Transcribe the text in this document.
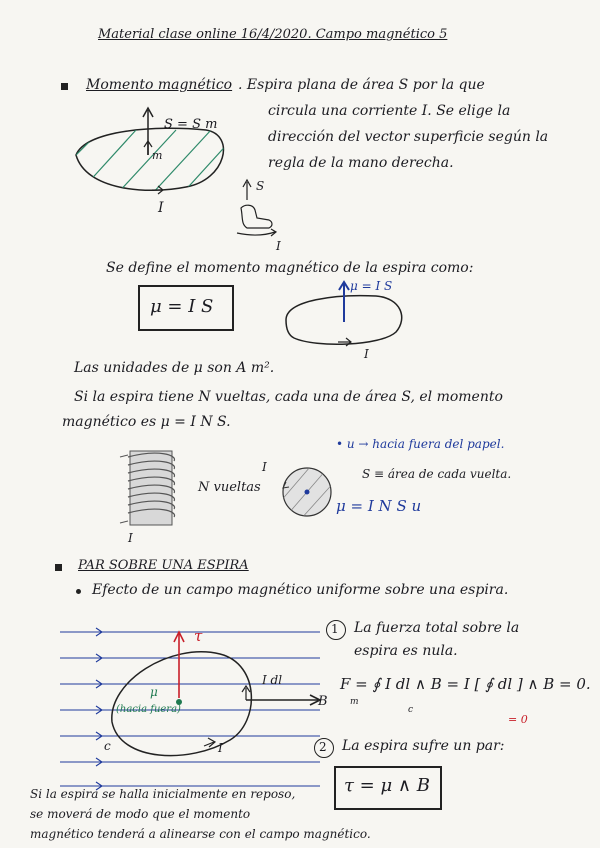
Material clase online 16/4/2020. Campo magnético 5
Momento magnético . Espira plana de área S por la que
circula una corriente I. Se elige la
dirección del vector superficie según la
regla de la mano derecha.
S = S m
m
I
S
I
Se define el momento magnético de la espira como:
μ = I S
μ = I S
I
Las unidades de μ son A m².
Si la espira tiene N vueltas, cada una de área S, el momento
magnético es μ = I N S.
N vueltas
I
I
• u → hacia fuera del papel.
S ≡ área de cada vuelta.
μ = I N S u
PAR SOBRE UNA ESPIRA
Efecto de un campo magnético uniforme sobre una espira.
τ
μ
(hacia fuera)
I dl
B
c	I
1 La fuerza total sobre la
espira es nula.
F = ∮ I dl ∧ B = I [ ∮ dl ] ∧ B = 0.
m
c
= 0
2 La espira sufre un par:
τ = μ ∧ B
Si la espira se halla inicialmente en reposo,
se moverá de modo que el momento
magnético tenderá a alinearse con el campo magnético.
